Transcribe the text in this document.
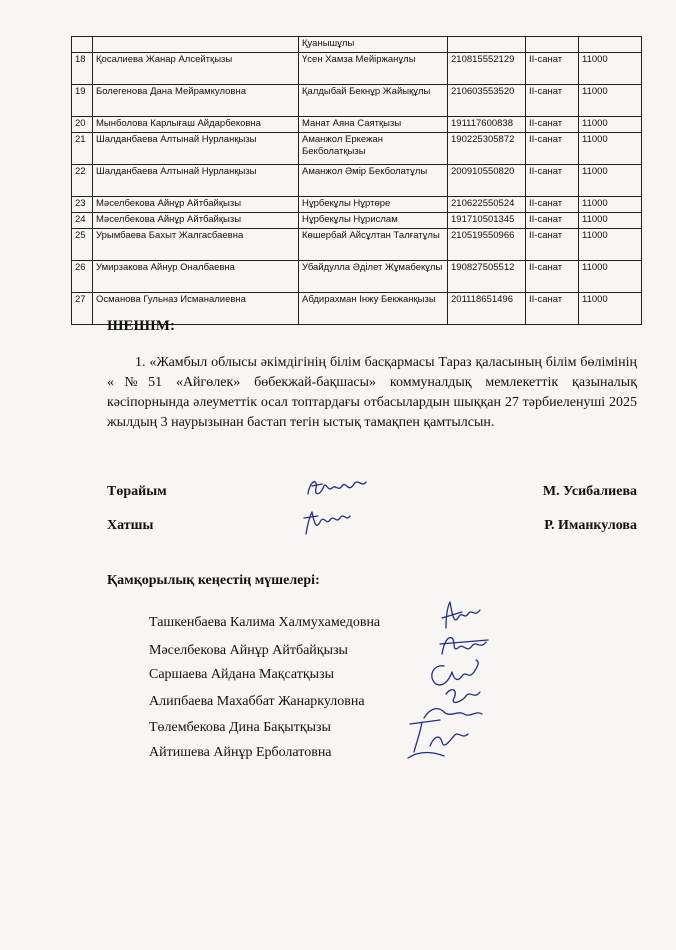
		Қуанышұлы			
18	Қосалиева Жанар Алсейтқызы	Үсен Хамза Мейіржанұлы	210815552129	ІІ-санат	11000
19	Болегенова Дана Мейрамкуловна	Қалдыбай Бекнұр Жайықұлы	210603553520	ІІ-санат	11000
20	Мынболова Карлығаш Айдарбековна	Манат Аяна Саятқызы	191117600838	ІІ-санат	11000
21	Шалданбаева Алтынай Нурланқызы	Аманжол Еркежан Бекболатқызы	190225305872	ІІ-санат	11000
22	Шалданбаева Алтынай Нурланқызы	Аманжол Әмір Бекболатұлы	200910550820	ІІ-санат	11000
23	Мәселбекова Айнұр Айтбайқызы	Нұрбекұлы Нұртөре	210622550524	ІІ-санат	11000
24	Мәселбекова Айнұр Айтбайқызы	Нұрбекұлы Нұрислам	191710501345	ІІ-санат	11000
25	Урымбаева Бахыт Жалгасбаевна	Көшербай Айсұлтан Талғатұлы	210519550966	ІІ-санат	11000
26	Умирзакова Айнур Оналбаевна	Убайдулла Әділет Жұмабекұлы	190827505512	ІІ-санат	11000
27	Османова Гульназ Исманалиевна	Абдирахман Інжу Бекжанқызы	201118651496	ІІ-санат	11000
ШЕШІМ:

1. «Жамбыл облысы әкімдігінің білім басқармасы Тараз қаласының білім бөлімінің «№51 «Айгөлек» бөбекжай-бақшасы» коммуналдық мемлекеттік қазыналық кәсіпорнында әлеуметтік осал топтардағы отбасылардын шыққан 27 тәрбиеленуші 2025 жылдың 3 наурызынан бастап тегін ыстық тамақпен қамтылсын.

Төрайым	М. Усибалиева
Хатшы	Р. Иманкулова
Қамқорылық кеңестің мүшелері:
Ташкенбаева Калима Халмухамедовна
Мәселбекова Айнұр Айтбайқызы
Саршаева Айдана Мақсатқызы
Алипбаева Махаббат Жанаркуловна
Төлембекова Дина Бақытқызы
Айтишева Айнұр Ерболатовна
